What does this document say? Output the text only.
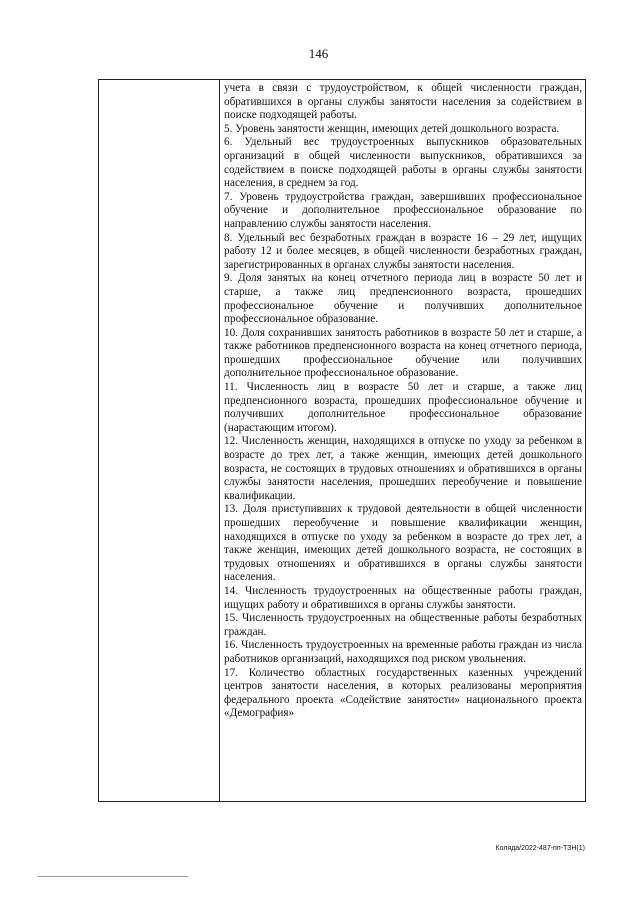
146

учета в связи с трудоустройством, к общей численности граждан, обратившихся в органы службы занятости населения за содействием в поиске подходящей работы.

5. Уровень занятости женщин, имеющих детей дошкольного возраста.

6. Удельный вес трудоустроенных выпускников образовательных организаций в общей численности выпускников, обратившихся за содействием в поиске подходящей работы в органы службы занятости населения, в среднем за год.

7. Уровень трудоустройства граждан, завершивших профессиональное обучение и дополнительное профессиональное образование по направлению службы занятости населения.

8. Удельный вес безработных граждан в возрасте 16 – 29 лет, ищущих работу 12 и более месяцев, в общей численности безработных граждан, зарегистрированных в органах службы занятости населения.

9. Доля занятых на конец отчетного периода лиц в возрасте 50 лет и старше, а также лиц предпенсионного возраста, прошедших профессиональное обучение и получивших дополнительное профессиональное образование.

10. Доля сохранивших занятость работников в возрасте 50 лет и старше, а также работников предпенсионного возраста на конец отчетного периода, прошедших профессиональное обучение или получивших дополнительное профессиональное образование.

11. Численность лиц в возрасте 50 лет и старше, а также лиц предпенсионного возраста, прошедших профессиональное обучение и получивших дополнительное профессиональное образование (нарастающим итогом).

12. Численность женщин, находящихся в отпуске по уходу за ребенком в возрасте до трех лет, а также женщин, имеющих детей дошкольного возраста, не состоящих в трудовых отношениях и обратившихся в органы службы занятости населения, прошедших переобучение и повышение квалификации.

13. Доля приступивших к трудовой деятельности в общей численности прошедших переобучение и повышение квалификации женщин, находящихся в отпуске по уходу за ребенком в возрасте до трех лет, а также женщин, имеющих детей дошкольного возраста, не состоящих в трудовых отношениях и обратившихся в органы службы занятости населения.

14. Численность трудоустроенных на общественные работы граждан, ищущих работу и обратившихся в органы службы занятости.

15. Численность трудоустроенных на общественные работы безработных граждан.

16. Численность трудоустроенных на временные работы граждан из числа работников организаций, находящихся под риском увольнения.

17. Количество областных государственных казенных учреждений центров занятости населения, в которых реализованы мероприятия федерального проекта «Содействие занятости» национального проекта «Демография»

Коляда/2022-487-пп-ТЗН(1)
